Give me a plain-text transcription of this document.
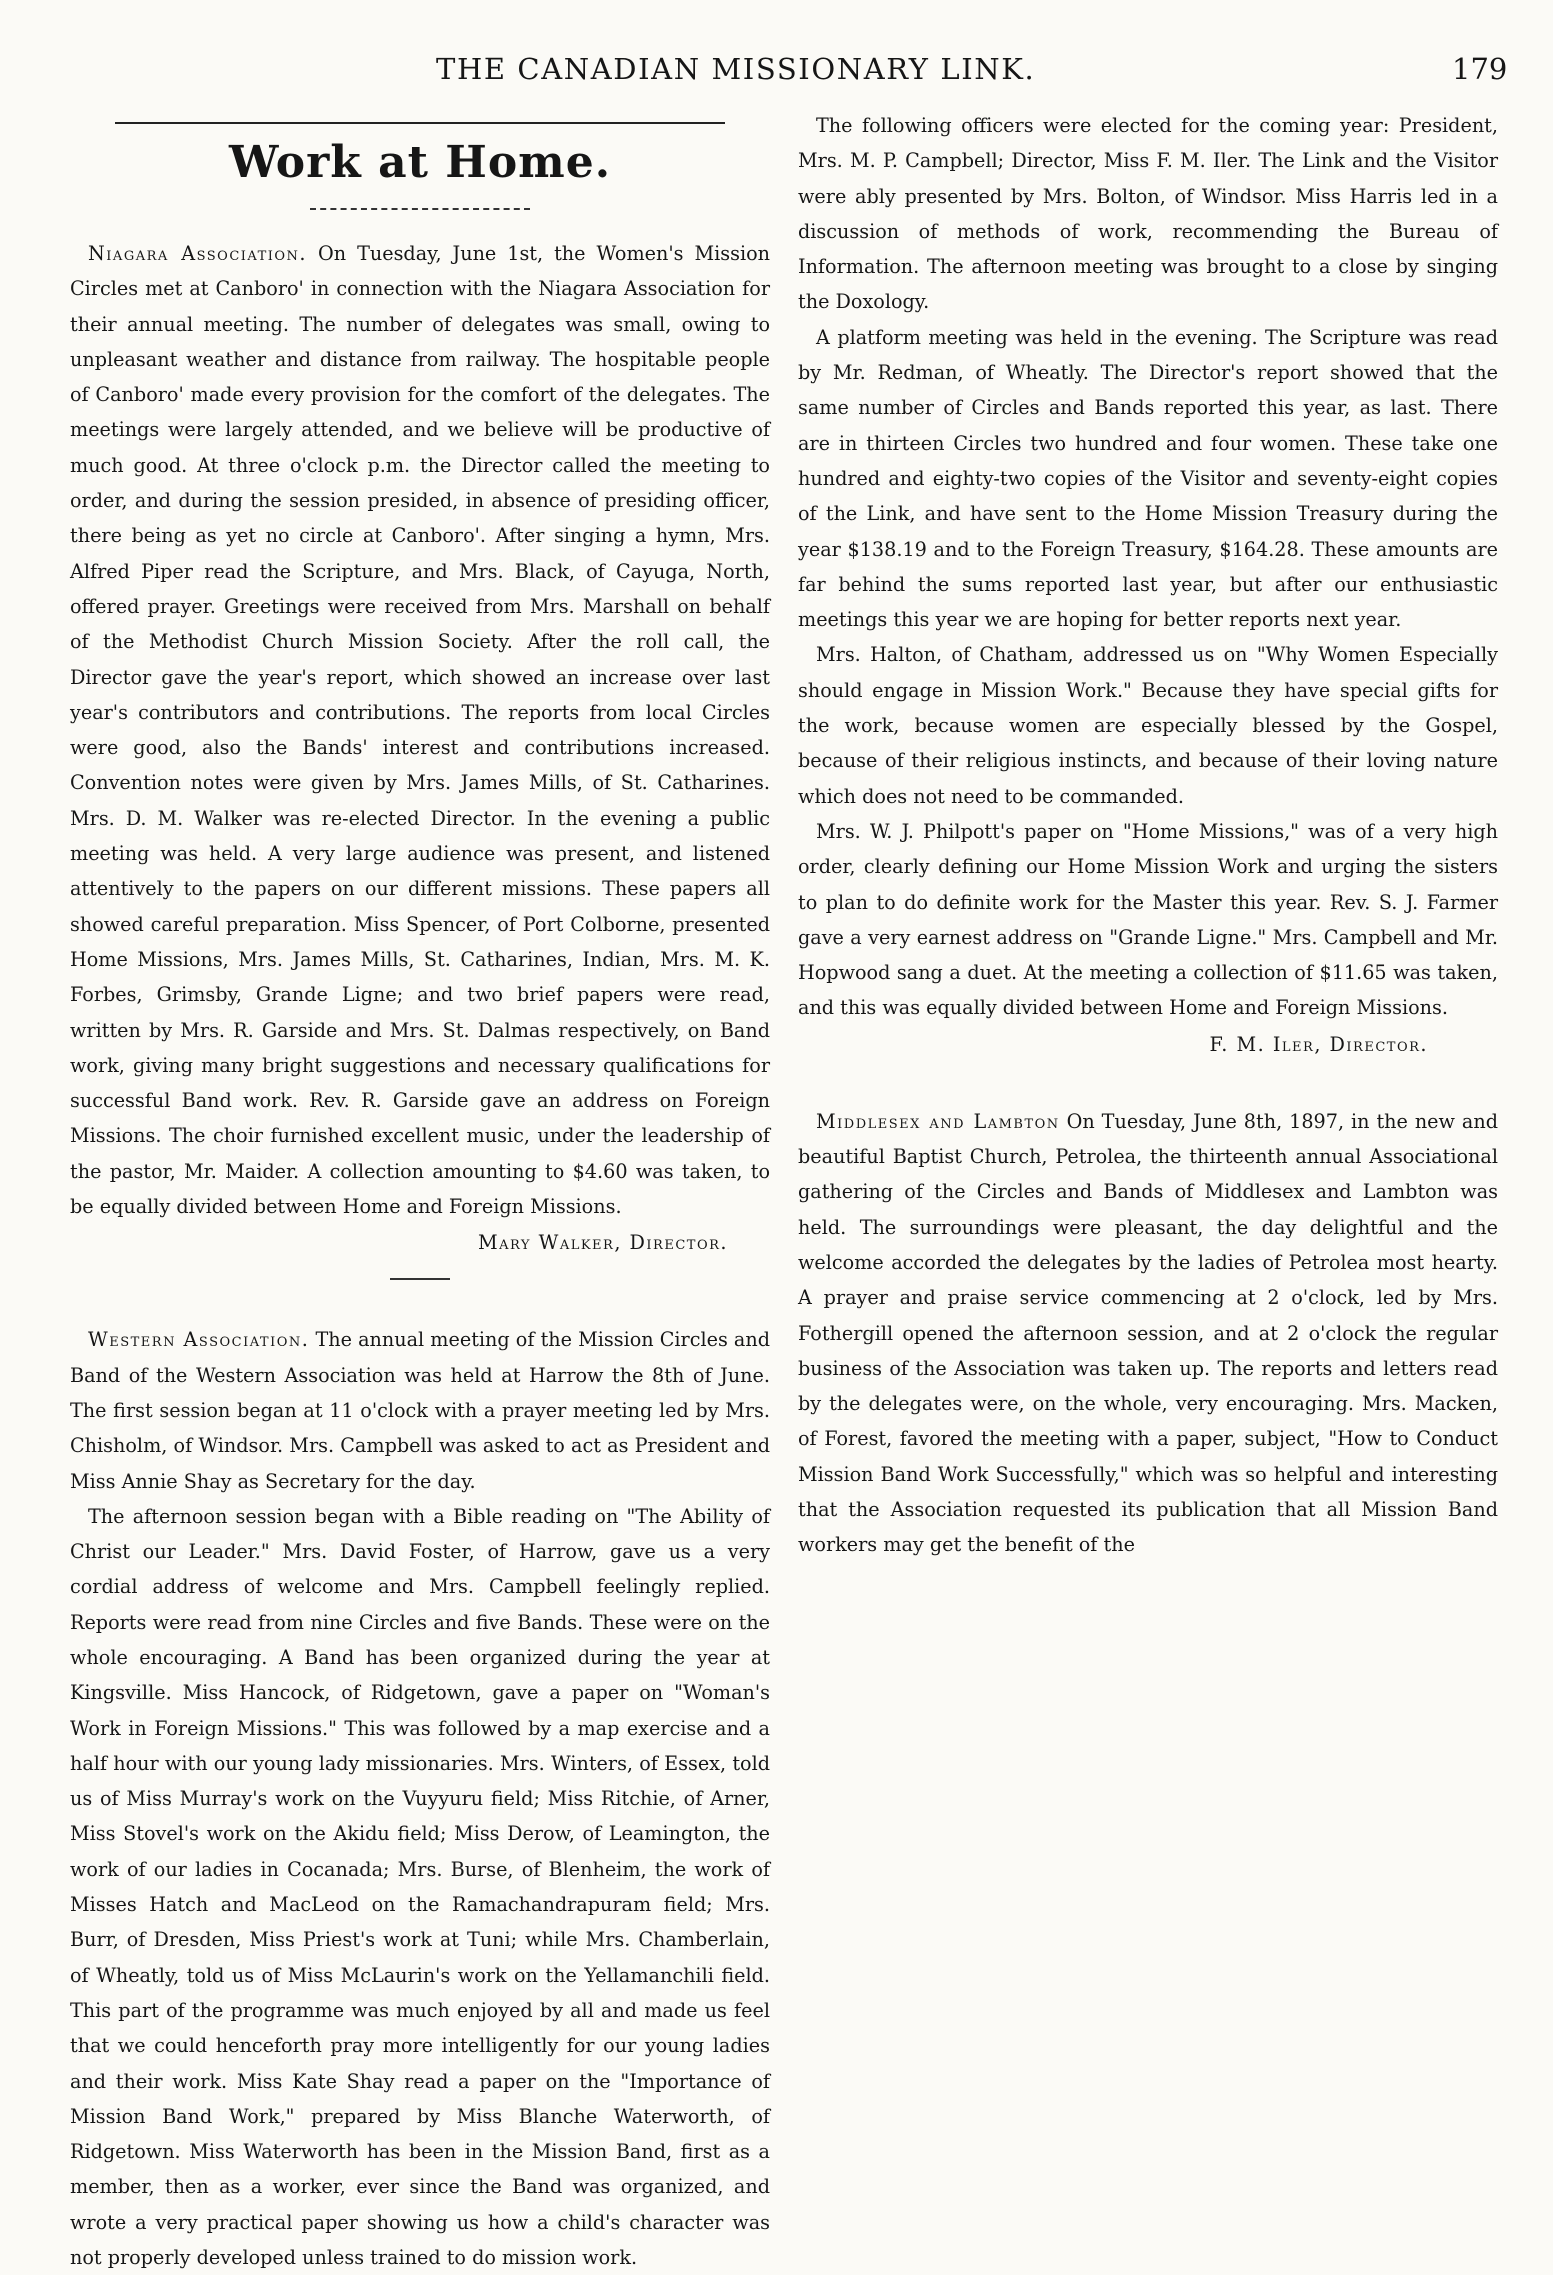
THE CANADIAN MISSIONARY LINK.	179
Work at Home.

Niagara Association. On Tuesday, June 1st, the Women's Mission Circles met at Canboro' in connection with the Niagara Association for their annual meeting. The number of delegates was small, owing to unpleasant weather and distance from railway. The hospitable people of Canboro' made every provision for the comfort of the delegates. The meetings were largely attended, and we believe will be productive of much good. At three o'clock p.m. the Director called the meeting to order, and during the session presided, in absence of presiding officer, there being as yet no circle at Canboro'. After singing a hymn, Mrs. Alfred Piper read the Scripture, and Mrs. Black, of Cayuga, North, offered prayer. Greetings were received from Mrs. Marshall on behalf of the Methodist Church Mission Society. After the roll call, the Director gave the year's report, which showed an increase over last year's contributors and contributions. The reports from local Circles were good, also the Bands' interest and contributions increased. Convention notes were given by Mrs. James Mills, of St. Catharines. Mrs. D. M. Walker was re-elected Director. In the evening a public meeting was held. A very large audience was present, and listened attentively to the papers on our different missions. These papers all showed careful preparation. Miss Spencer, of Port Colborne, presented Home Missions, Mrs. James Mills, St. Catharines, Indian, Mrs. M. K. Forbes, Grimsby, Grande Ligne; and two brief papers were read, written by Mrs. R. Garside and Mrs. St. Dalmas respectively, on Band work, giving many bright suggestions and necessary qualifications for successful Band work. Rev. R. Garside gave an address on Foreign Missions. The choir furnished excellent music, under the leadership of the pastor, Mr. Maider. A collection amounting to $4.60 was taken, to be equally divided between Home and Foreign Missions.

Mary Walker, Director.

Western Association. The annual meeting of the Mission Circles and Band of the Western Association was held at Harrow the 8th of June. The first session began at 11 o'clock with a prayer meeting led by Mrs. Chisholm, of Windsor. Mrs. Campbell was asked to act as President and Miss Annie Shay as Secretary for the day.

The afternoon session began with a Bible reading on "The Ability of Christ our Leader." Mrs. David Foster, of Harrow, gave us a very cordial address of welcome and Mrs. Campbell feelingly replied. Reports were read from nine Circles and five Bands. These were on the whole encouraging. A Band has been organized during the year at Kingsville. Miss Hancock, of Ridgetown, gave a paper on "Woman's Work in Foreign Missions." This was followed by a map exercise and a half hour with our young lady missionaries. Mrs. Winters, of Essex, told us of Miss Murray's work on the Vuyyuru field; Miss Ritchie, of Arner, Miss Stovel's work on the Akidu field; Miss Derow, of Leamington, the work of our ladies in Cocanada; Mrs. Burse, of Blenheim, the work of Misses Hatch and MacLeod on the Ramachandrapuram field; Mrs. Burr, of Dresden, Miss Priest's work at Tuni; while Mrs. Chamberlain, of Wheatly, told us of Miss McLaurin's work on the Yellamanchili field. This part of the programme was much enjoyed by all and made us feel that we could henceforth pray more intelligently for our young ladies and their work. Miss Kate Shay read a paper on the "Importance of Mission Band Work," prepared by Miss Blanche Waterworth, of Ridgetown. Miss Waterworth has been in the Mission Band, first as a member, then as a worker, ever since the Band was organized, and wrote a very practical paper showing us how a child's character was not properly developed unless trained to do mission work.

The following officers were elected for the coming year: President, Mrs. M. P. Campbell; Director, Miss F. M. Iler. The Link and the Visitor were ably presented by Mrs. Bolton, of Windsor. Miss Harris led in a discussion of methods of work, recommending the Bureau of Information. The afternoon meeting was brought to a close by singing the Doxology.

A platform meeting was held in the evening. The Scripture was read by Mr. Redman, of Wheatly. The Director's report showed that the same number of Circles and Bands reported this year, as last. There are in thirteen Circles two hundred and four women. These take one hundred and eighty-two copies of the Visitor and seventy-eight copies of the Link, and have sent to the Home Mission Treasury during the year $138.19 and to the Foreign Treasury, $164.28. These amounts are far behind the sums reported last year, but after our enthusiastic meetings this year we are hoping for better reports next year.

Mrs. Halton, of Chatham, addressed us on "Why Women Especially should engage in Mission Work." Because they have special gifts for the work, because women are especially blessed by the Gospel, because of their religious instincts, and because of their loving nature which does not need to be commanded.

Mrs. W. J. Philpott's paper on "Home Missions," was of a very high order, clearly defining our Home Mission Work and urging the sisters to plan to do definite work for the Master this year. Rev. S. J. Farmer gave a very earnest address on "Grande Ligne." Mrs. Campbell and Mr. Hopwood sang a duet. At the meeting a collection of $11.65 was taken, and this was equally divided between Home and Foreign Missions.

F. M. Iler, Director.

Middlesex and Lambton On Tuesday, June 8th, 1897, in the new and beautiful Baptist Church, Petrolea, the thirteenth annual Associational gathering of the Circles and Bands of Middlesex and Lambton was held. The surroundings were pleasant, the day delightful and the welcome accorded the delegates by the ladies of Petrolea most hearty. A prayer and praise service commencing at 2 o'clock, led by Mrs. Fothergill opened the afternoon session, and at 2 o'clock the regular business of the Association was taken up. The reports and letters read by the delegates were, on the whole, very encouraging. Mrs. Macken, of Forest, favored the meeting with a paper, subject, "How to Conduct Mission Band Work Successfully," which was so helpful and interesting that the Association requested its publication that all Mission Band workers may get the benefit of the
